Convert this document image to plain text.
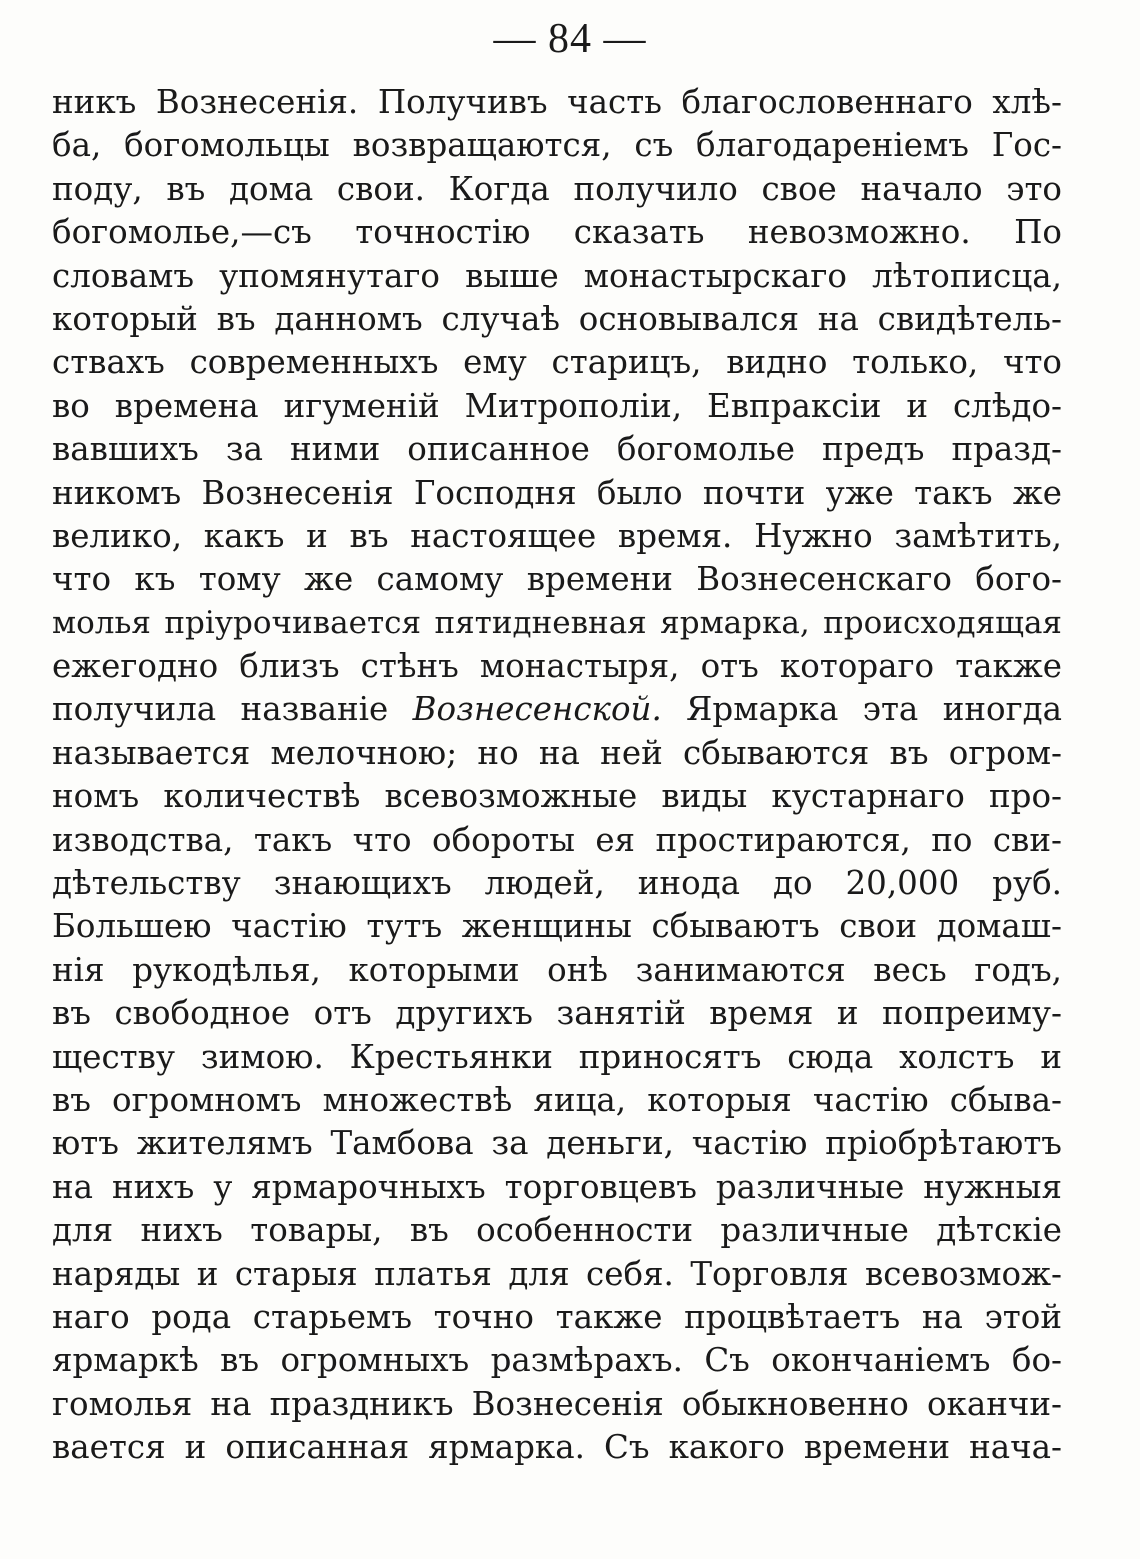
— 84 —
никъ Вознесенія. Получивъ часть благословеннаго хлѣ-
ба, богомольцы возвращаются, съ благодареніемъ Гос-
поду, въ дома свои. Когда получило свое начало это
богомолье,—съ точностію сказать невозможно. По
словамъ упомянутаго выше монастырскаго лѣтописца,
который въ данномъ случаѣ основывался на свидѣтель-
ствахъ современныхъ ему старицъ, видно только, что
во времена игуменій Митрополіи, Евпраксіи и слѣдо-
вавшихъ за ними описанное богомолье предъ празд-
никомъ Вознесенія Господня было почти уже такъ же
велико, какъ и въ настоящее время. Нужно замѣтить,
что къ тому же самому времени Вознесенскаго бого-
молья пріурочивается пятидневная ярмарка, происходящая
ежегодно близъ стѣнъ монастыря, отъ котораго также
получила названіе Вознесенской. Ярмарка эта иногда
называется мелочною; но на ней сбываются въ огром-
номъ количествѣ всевозможные виды кустарнаго про-
изводства, такъ что обороты ея простираются, по сви-
дѣтельству знающихъ людей, инода до 20,000 руб.
Большею частію тутъ женщины сбываютъ свои домаш-
нія рукодѣлья, которыми онѣ занимаются весь годъ,
въ свободное отъ другихъ занятій время и попреиму-
ществу зимою. Крестьянки приносятъ сюда холстъ и
въ огромномъ множествѣ яица, которыя частію сбыва-
ютъ жителямъ Тамбова за деньги, частію пріобрѣтаютъ
на нихъ у ярмарочныхъ торговцевъ различные нужныя
для нихъ товары, въ особенности различные дѣтскіе
наряды и старыя платья для себя. Торговля всевозмож-
наго рода старьемъ точно также процвѣтаетъ на этой
ярмаркѣ въ огромныхъ размѣрахъ. Съ окончаніемъ бо-
гомолья на праздникъ Вознесенія обыкновенно оканчи-
вается и описанная ярмарка. Съ какого времени нача-
